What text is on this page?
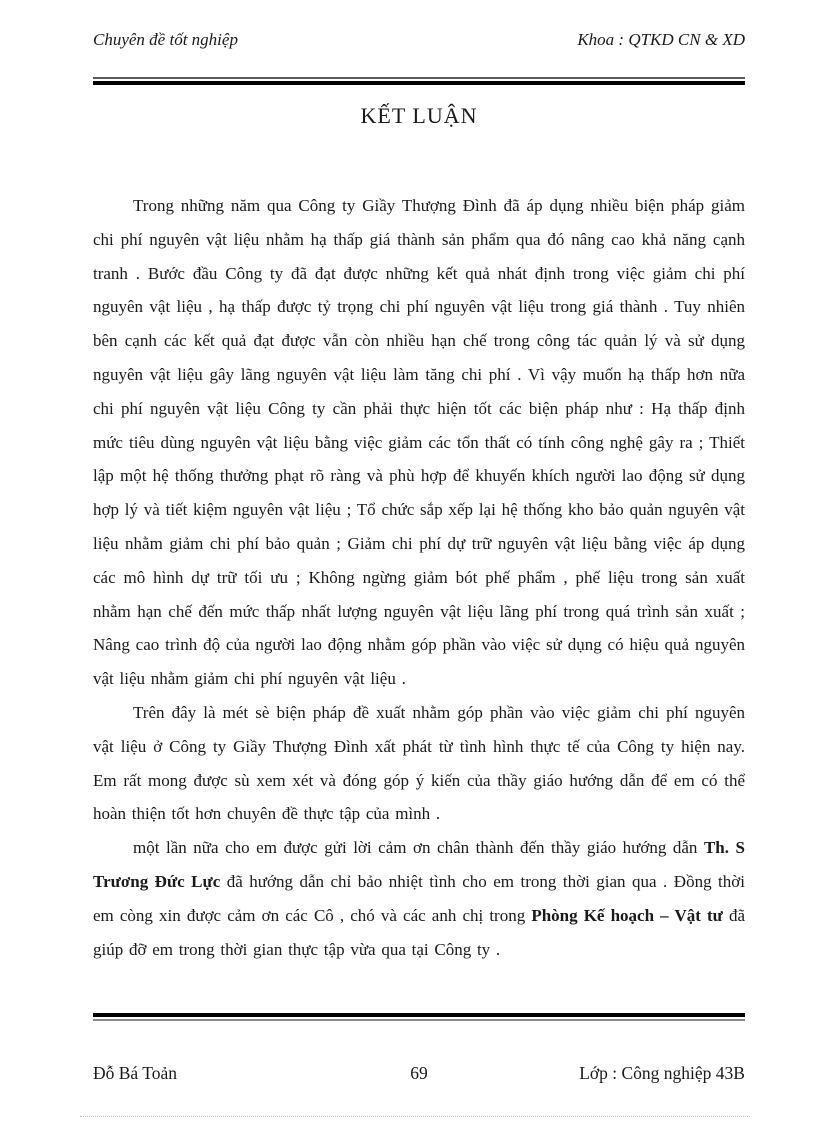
Chuyên đề tốt nghiệp	Khoa : QTKD CN & XD
KẾT LUẬN

Trong những năm qua Công ty Giầy Thượng Đình đã áp dụng nhiều biện pháp giảm chi phí nguyên vật liệu nhằm hạ thấp giá thành sản phẩm qua đó nâng cao khả năng cạnh tranh . Bước đầu Công ty đã đạt được những kết quả nhát định trong việc giảm chi phí nguyên vật liệu , hạ thấp được tỷ trọng chi phí nguyên vật liệu trong giá thành . Tuy nhiên bên cạnh các kết quả đạt được vẫn còn nhiều hạn chế trong công tác quản lý và sử dụng nguyên vật liệu gây lãng nguyên vật liệu làm tăng chi phí . Vì vậy muốn hạ thấp hơn nữa chi phí nguyên vật liệu Công ty cần phải thực hiện tốt các biện pháp như : Hạ thấp định mức tiêu dùng nguyên vật liệu bằng việc giảm các tổn thất có tính công nghệ gây ra ; Thiết lập một hệ thống thưởng phạt rõ ràng và phù hợp để khuyến khích người lao động sử dụng hợp lý và tiết kiệm nguyên vật liệu ; Tổ chức sắp xếp lại hệ thống kho bảo quản nguyên vật liệu nhằm giảm chi phí bảo quản ; Giảm chi phí dự trữ nguyên vật liệu bằng việc áp dụng các mô hình dự trữ tối ưu ; Không ngừng giảm bót phế phẩm , phế liệu trong sản xuất nhằm hạn chế đến mức thấp nhất lượng nguyên vật liệu lãng phí trong quá trình sản xuất ; Nâng cao trình độ của người lao động nhằm góp phần vào việc sử dụng có hiệu quả nguyên vật liệu nhằm giảm chi phí nguyên vật liệu .

Trên đây là mét sè biện pháp đề xuất nhằm góp phần vào việc giảm chi phí nguyên vật liệu ở Công ty Giầy Thượng Đình xất phát từ tình hình thực tế của Công ty hiện nay. Em rất mong được sù xem xét và đóng góp ý kiến của thầy giáo hướng dẫn để em có thể hoàn thiện tốt hơn chuyên đề thực tập của mình .

một lần nữa cho em được gửi lời cảm ơn chân thành đến thầy giáo hướng dẫn Th. S Trương Đức Lực đã hướng dẫn chỉ bảo nhiệt tình cho em trong thời gian qua . Đồng thời em còng xin được cảm ơn các Cô , chó và các anh chị trong Phòng Kế hoạch – Vật tư đã giúp đỡ em trong thời gian thực tập vừa qua tại Công ty .

Đỗ Bá Toản	69	Lớp : Công nghiệp 43B
